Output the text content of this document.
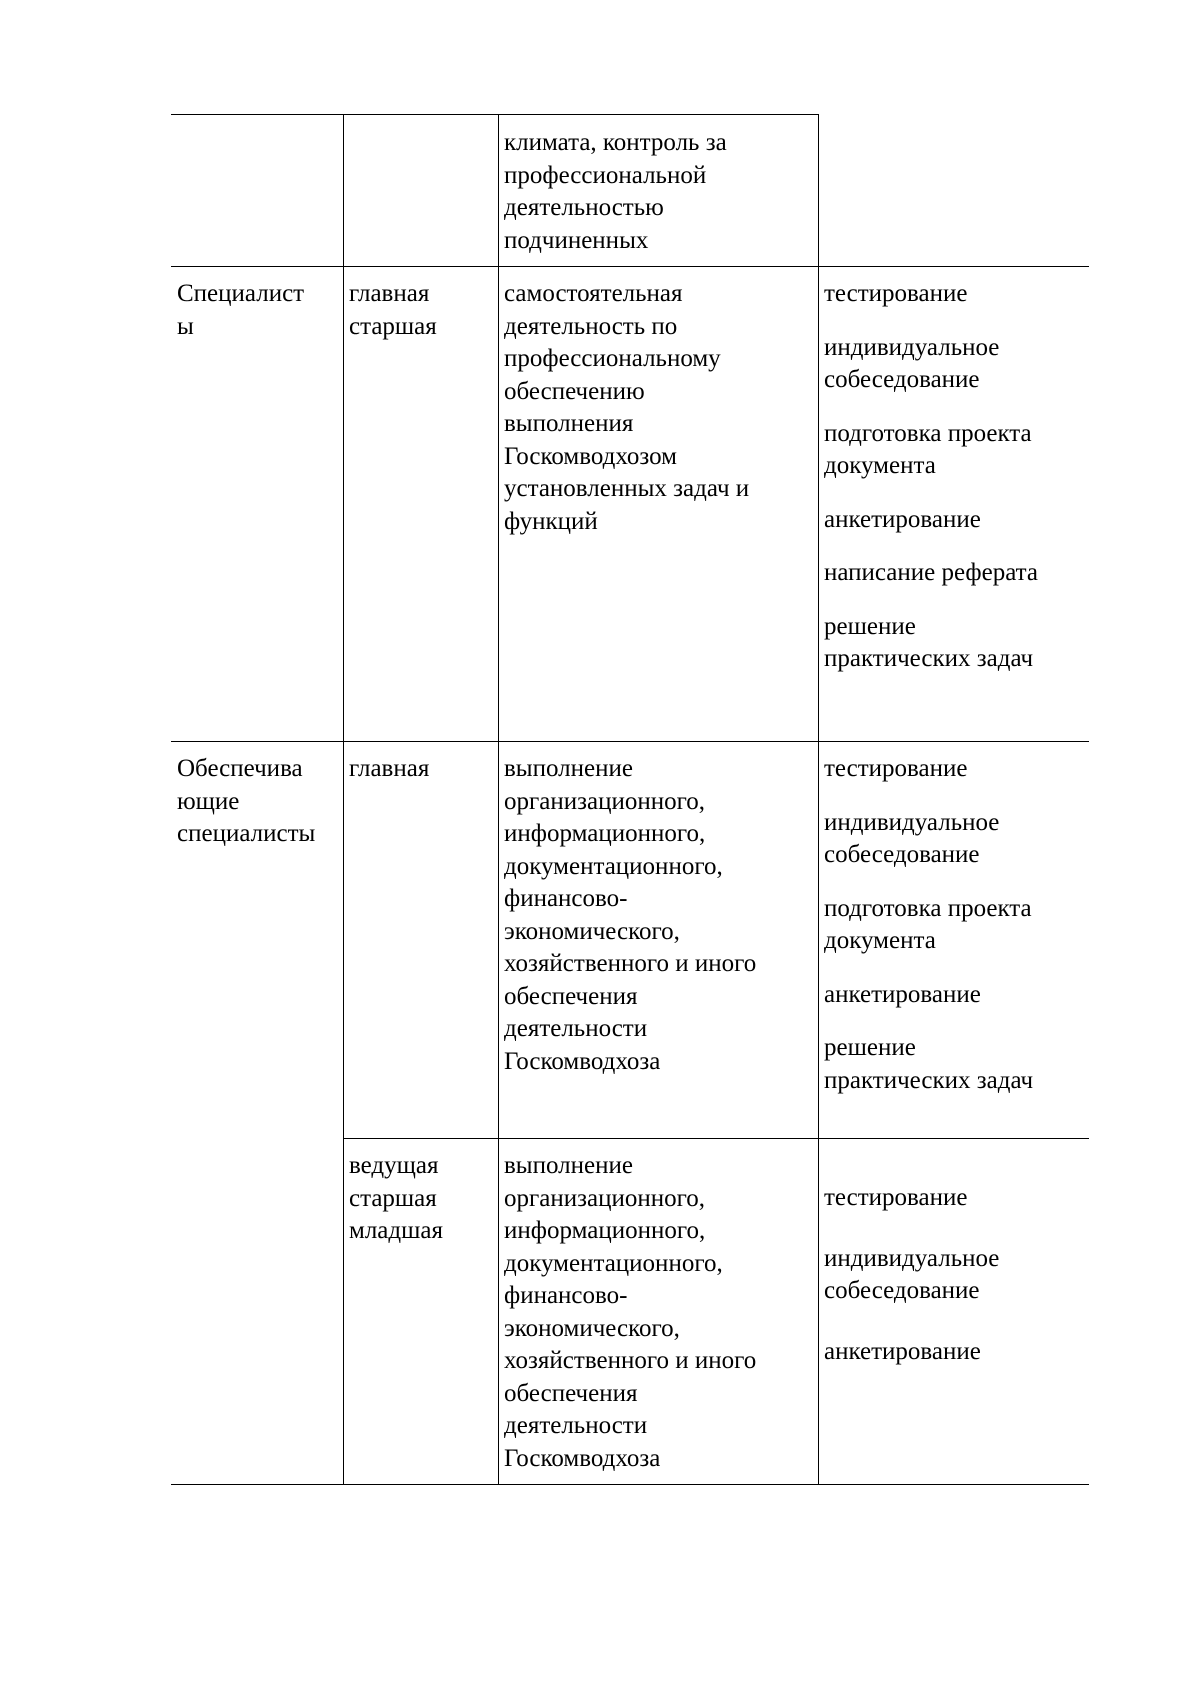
климата, контроль за
профессиональной
деятельностью
подчиненных
Специалист
ы
главная
старшая
самостоятельная
деятельность по
профессиональному
обеспечению
выполнения
Госкомводхозом
установленных задач и
функций
тестирование
индивидуальное
собеседование
подготовка проекта
документа
анкетирование
написание реферата
решение
практических задач
Обеспечива
ющие
специалисты
главная	выполнение
организационного,
информационного,
документационного,
финансово-
экономического,
хозяйственного и иного
обеспечения
деятельности
Госкомводхоза
тестирование
индивидуальное
собеседование
подготовка проекта
документа
анкетирование
решение
практических задач
ведущая
старшая
младшая
выполнение
организационного,
информационного,
документационного,
финансово-
экономического,
хозяйственного и иного
обеспечения
деятельности
Госкомводхоза
тестирование
индивидуальное
собеседование
анкетирование
